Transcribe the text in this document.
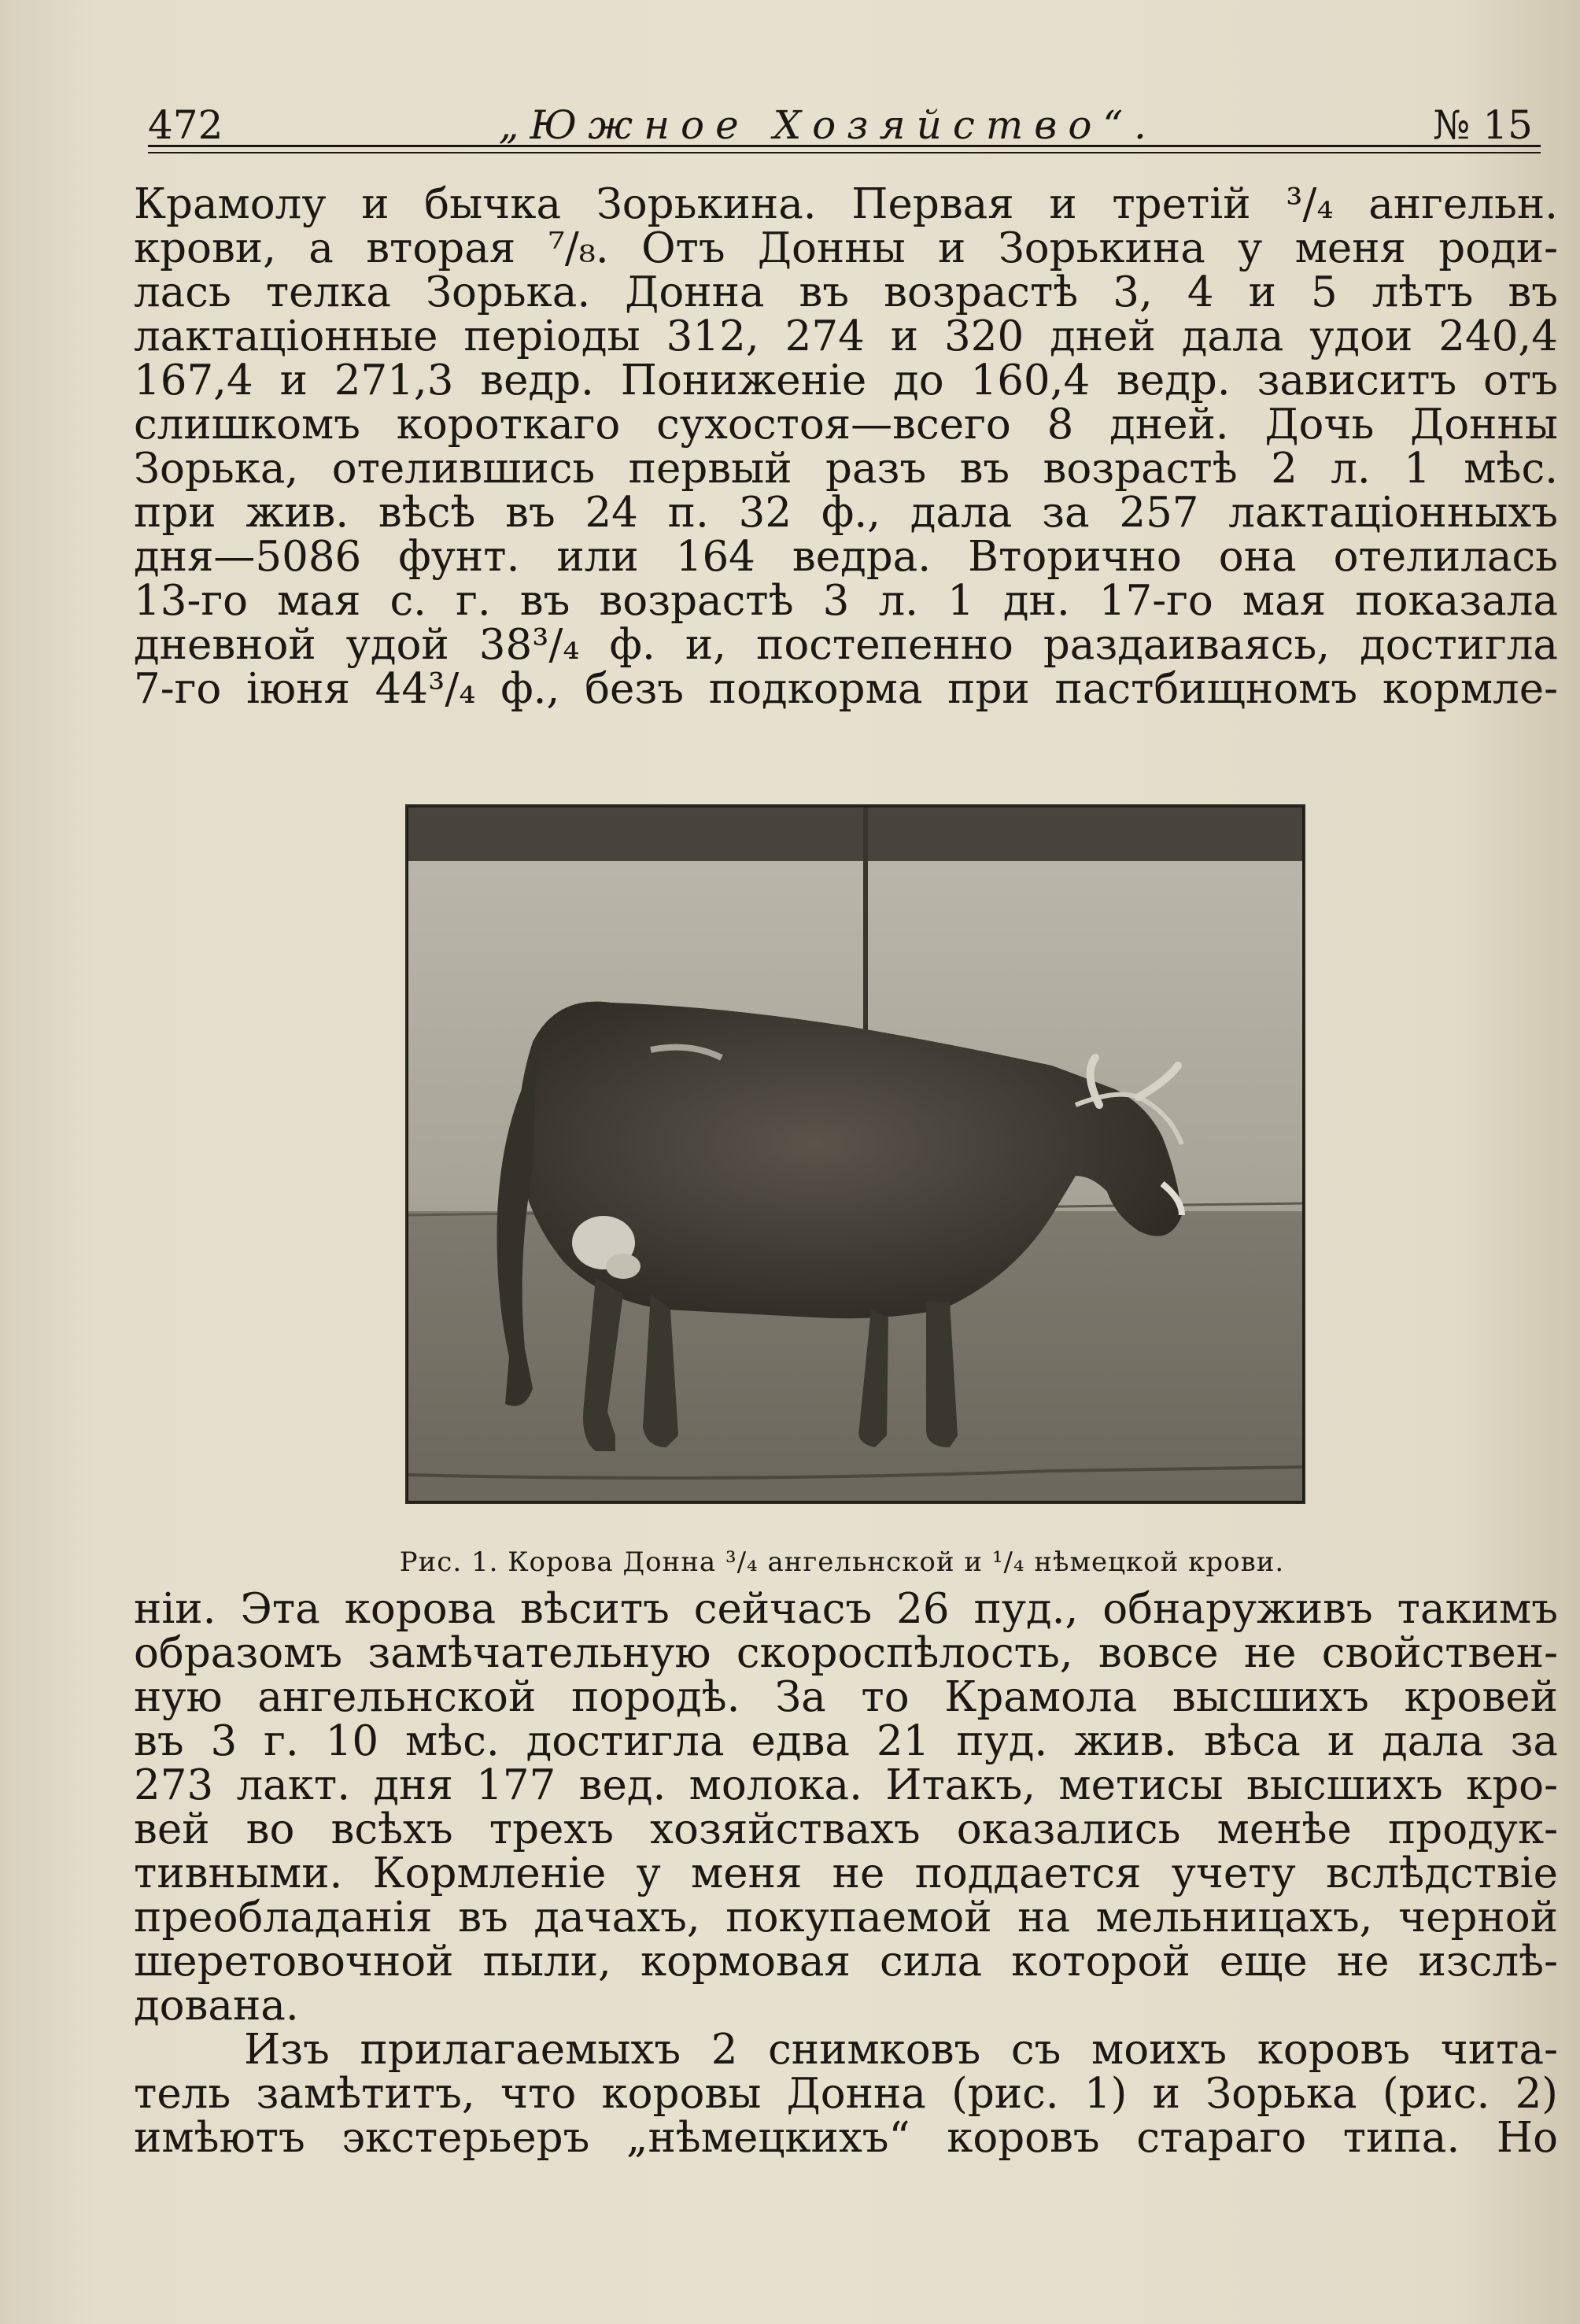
472	„Южное Хозяйство“.	№ 15
Крамолу и бычка Зорькина. Первая и третій ³/₄ ангельн.
крови, а вторая ⁷/₈. Отъ Донны и Зорькина у меня роди-
лась телка Зорька. Донна въ возрастѣ 3, 4 и 5 лѣтъ въ
лактаціонные періоды 312, 274 и 320 дней дала удои 240,4
167,4 и 271,3 ведр. Пониженіе до 160,4 ведр. зависитъ отъ
слишкомъ короткаго сухостоя—всего 8 дней. Дочь Донны
Зорька, отелившись первый разъ въ возрастѣ 2 л. 1 мѣс.
при жив. вѣсѣ въ 24 п. 32 ф., дала за 257 лактаціонныхъ
дня—5086 фунт. или 164 ведра. Вторично она отелилась
13-го мая с. г. въ возрастѣ 3 л. 1 дн. 17-го мая показала
дневной удой 38³/₄ ф. и, постепенно раздаиваясь, достигла
7-го іюня 44³/₄ ф., безъ подкорма при пастбищномъ кормле-
Рис. 1. Корова Донна ³/₄ ангельнской и ¹/₄ нѣмецкой крови.
ніи. Эта корова вѣситъ сейчасъ 26 пуд., обнаруживъ такимъ
образомъ замѣчательную скороспѣлость, вовсе не свойствен-
ную ангельнской породѣ. За то Крамола высшихъ кровей
въ 3 г. 10 мѣс. достигла едва 21 пуд. жив. вѣса и дала за
273 лакт. дня 177 вед. молока. Итакъ, метисы высшихъ кро-
вей во всѣхъ трехъ хозяйствахъ оказались менѣе продук-
тивными. Кормленіе у меня не поддается учету вслѣдствіе
преобладанія въ дачахъ, покупаемой на мельницахъ, черной
шеретовочной пыли, кормовая сила которой еще не изслѣ-
дована.
Изъ прилагаемыхъ 2 снимковъ съ моихъ коровъ чита-
тель замѣтитъ, что коровы Донна (рис. 1) и Зорька (рис. 2)
имѣютъ экстерьеръ „нѣмецкихъ“ коровъ стараго типа. Но
